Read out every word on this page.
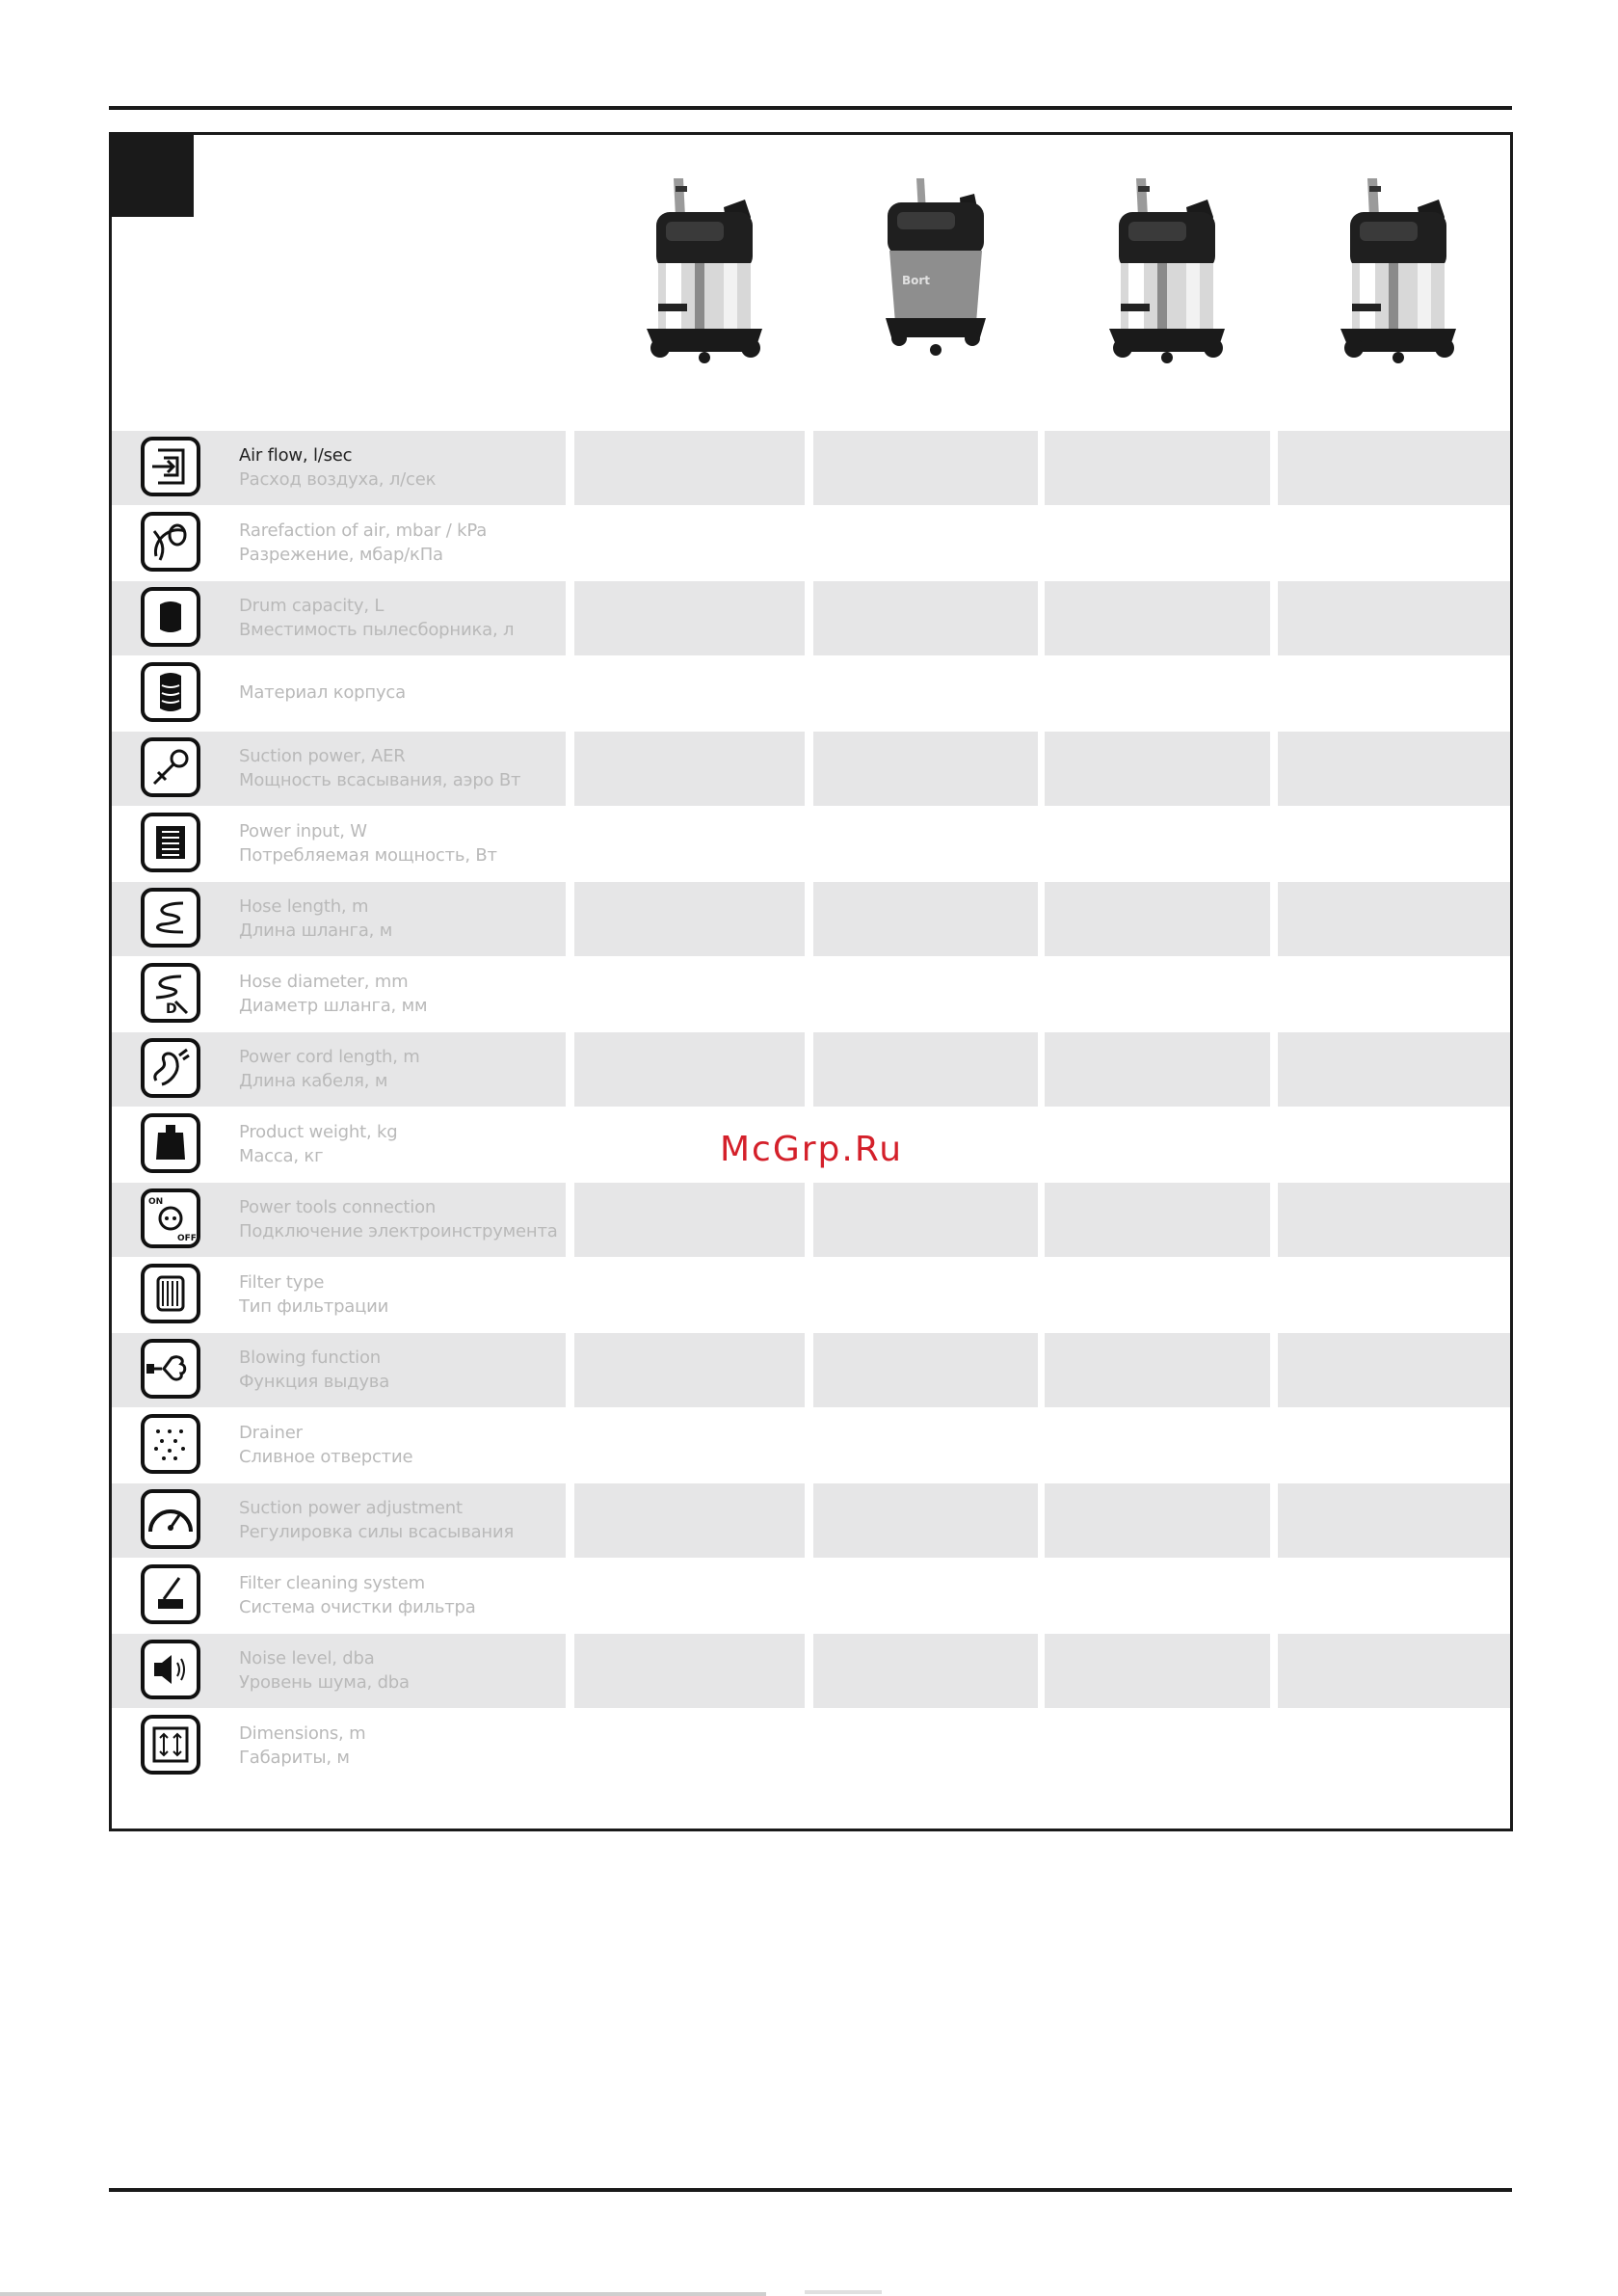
Bort
Air flow, l/sec
Расход воздуха, л/сек
Rarefaction of air, mbar / kPa
Разрежение, мбар/кПа
Drum capacity, L
Вместимость пылесборника, л
Материал корпуса
Suction power, AER
Мощность всасывания, аэро Вт
Power input, W
Потребляемая мощность, Вт
Hose length, m
Длина шланга, м
D
Hose diameter, mm
Диаметр шланга, мм
Power cord length, m
Длина кабеля, м
Product weight, kg
Масса, кг
ON
OFF
Power tools connection
Подключение электроинструмента
Filter type
Тип фильтрации
Blowing function
Функция выдува
Drainer
Сливное отверстие
Suction power adjustment
Регулировка силы всасывания
Filter cleaning system
Система очистки фильтра
Noise level, dba
Уровень шума, dba
Dimensions, m
Габариты, м
McGrp.Ru
